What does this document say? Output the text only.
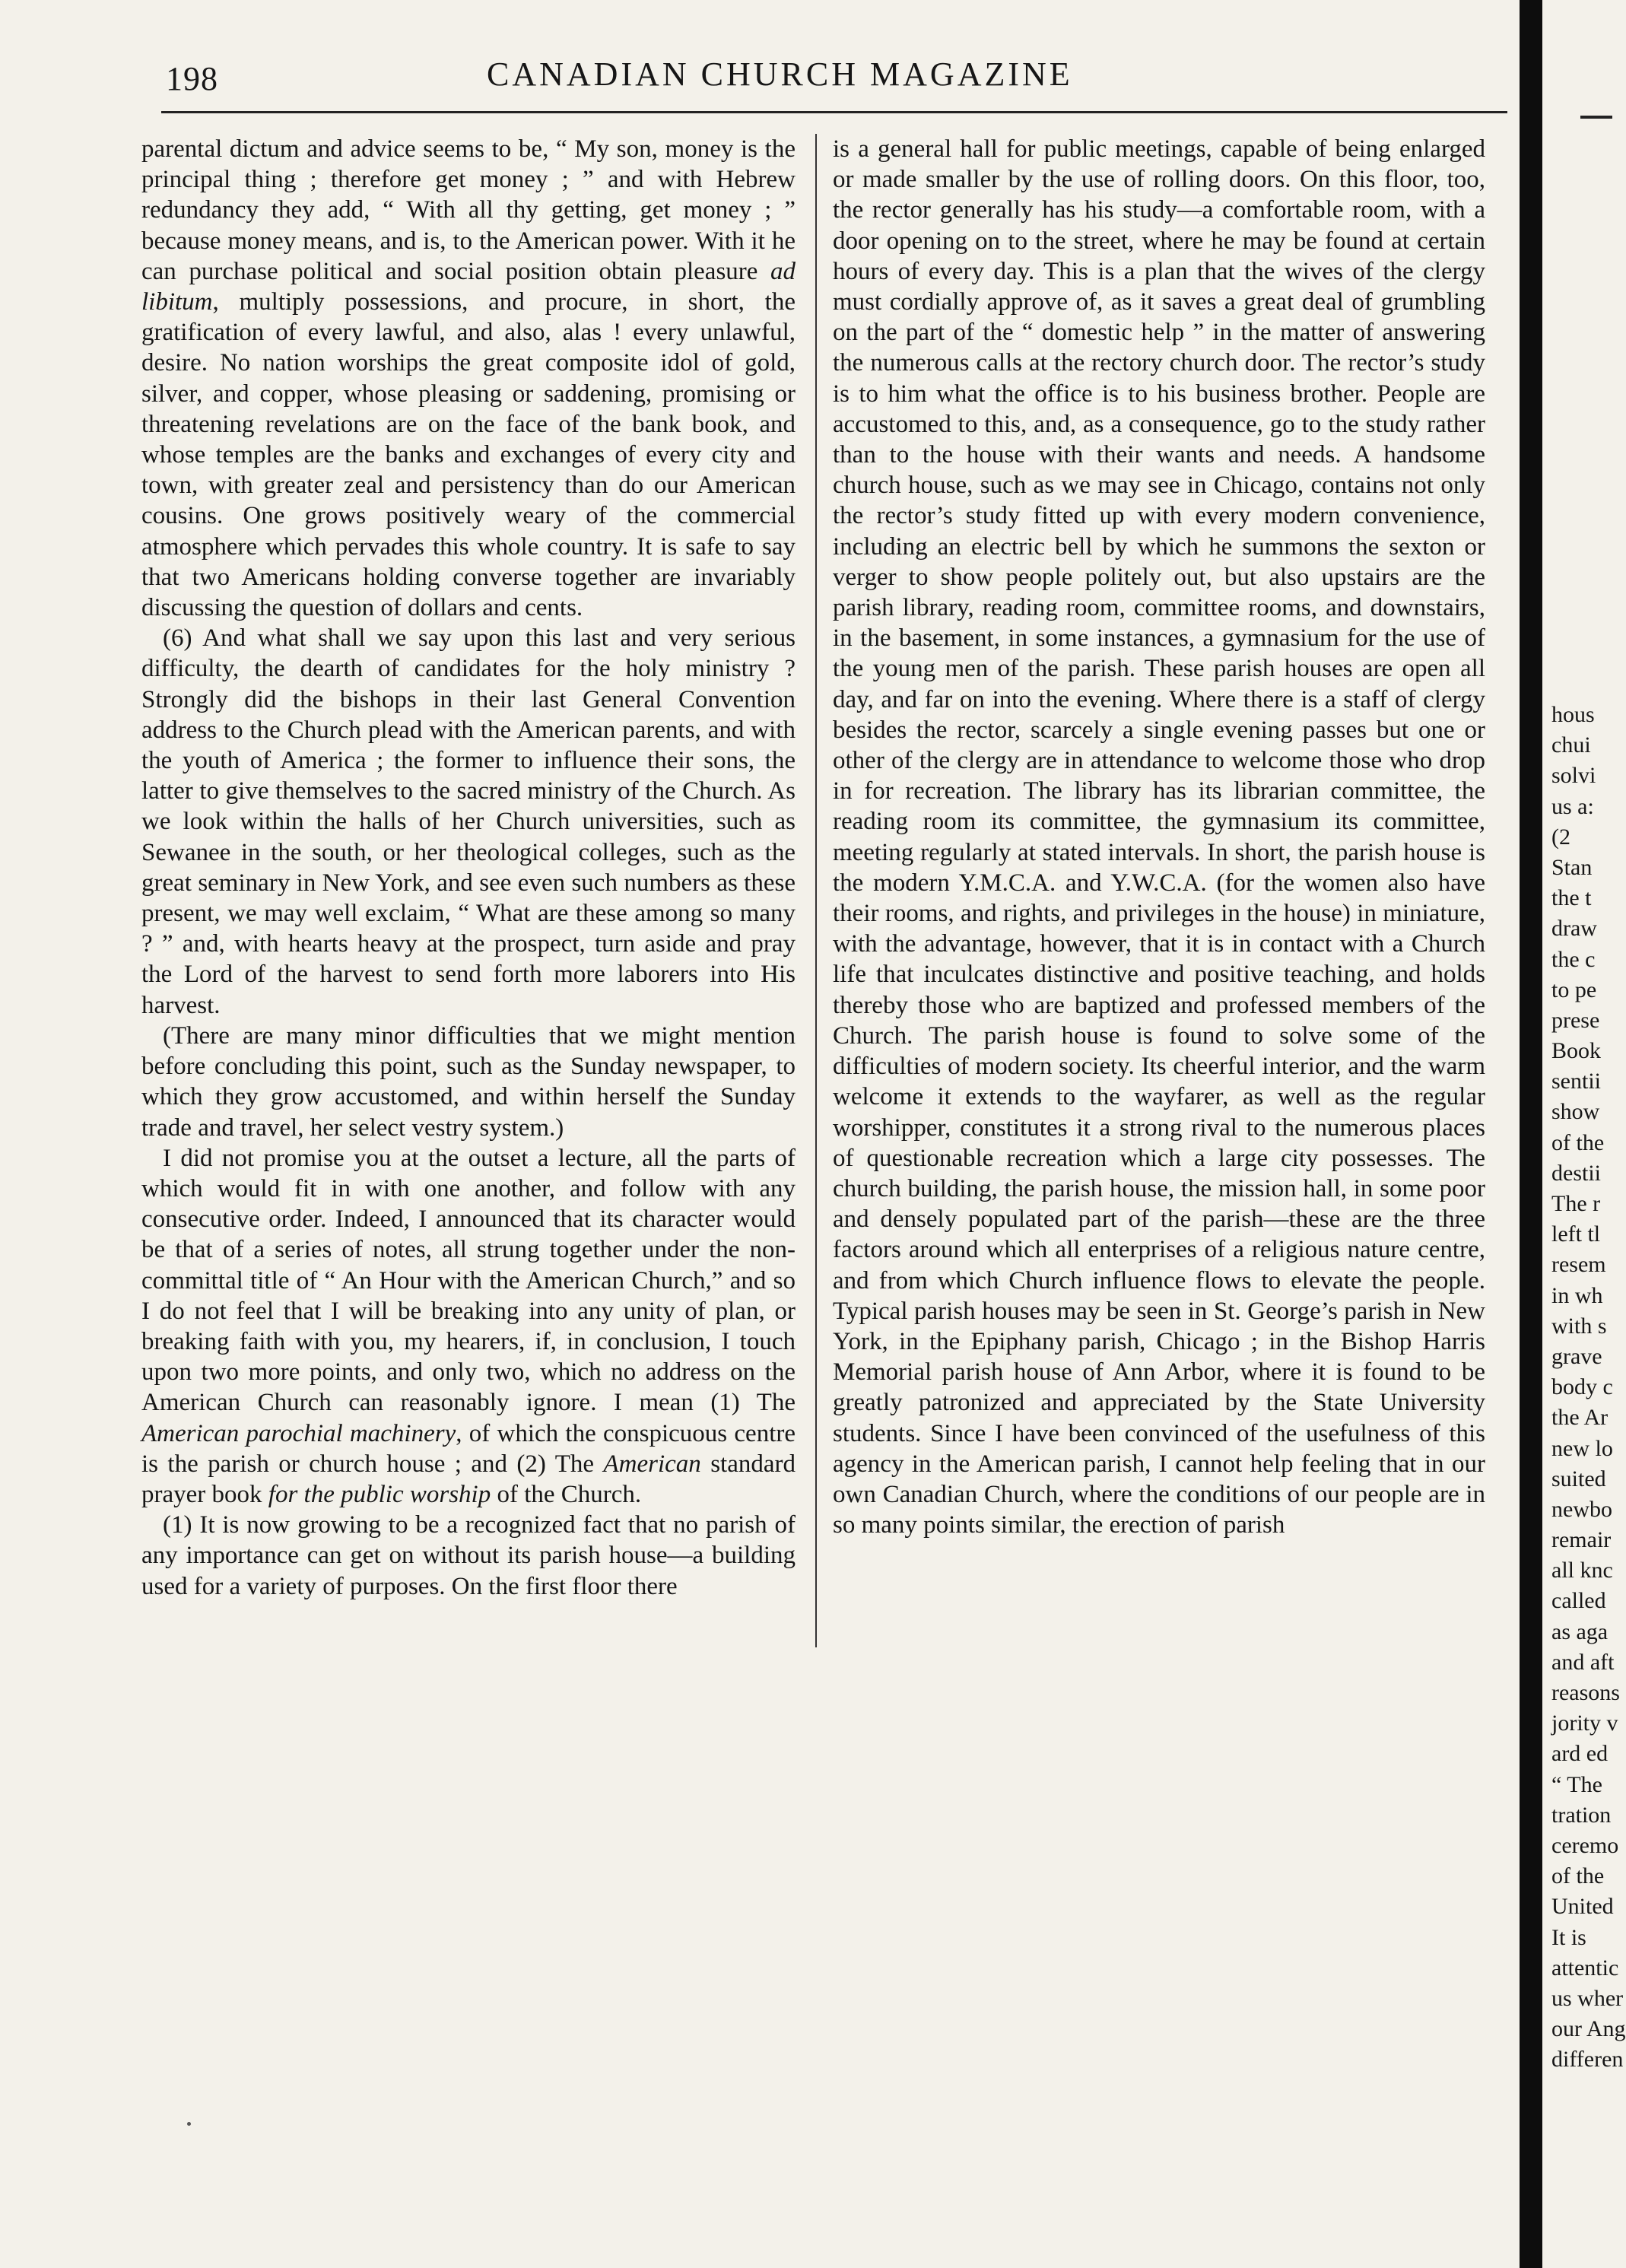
198	CANADIAN CHURCH MAGAZINE

parental dictum and advice seems to be, “ My son, money is the principal thing ; therefore get money ; ” and with Hebrew redundancy they add, “ With all thy getting, get money ; ” because money means, and is, to the American power. With it he can purchase political and social position obtain pleasure ad libitum, multiply possessions, and procure, in short, the gratification of every lawful, and also, alas ! every unlawful, desire. No nation worships the great composite idol of gold, silver, and copper, whose pleasing or saddening, promising or threatening revelations are on the face of the bank book, and whose temples are the banks and exchanges of every city and town, with greater zeal and persistency than do our American cousins. One grows positively weary of the commercial atmosphere which pervades this whole country. It is safe to say that two Americans holding converse together are invariably discussing the question of dollars and cents.

(6) And what shall we say upon this last and very serious difficulty, the dearth of candidates for the holy ministry ? Strongly did the bishops in their last General Convention address to the Church plead with the American parents, and with the youth of America ; the former to influence their sons, the latter to give themselves to the sacred ministry of the Church. As we look within the halls of her Church universities, such as Sewanee in the south, or her theological colleges, such as the great seminary in New York, and see even such numbers as these present, we may well exclaim, “ What are these among so many ? ” and, with hearts heavy at the prospect, turn aside and pray the Lord of the harvest to send forth more laborers into His harvest.

(There are many minor difficulties that we might mention before concluding this point, such as the Sunday newspaper, to which they grow accustomed, and within herself the Sunday trade and travel, her select vestry system.)

I did not promise you at the outset a lecture, all the parts of which would fit in with one another, and follow with any consecutive order. Indeed, I announced that its character would be that of a series of notes, all strung together under the non-committal title of “ An Hour with the American Church,” and so I do not feel that I will be breaking into any unity of plan, or breaking faith with you, my hearers, if, in conclusion, I touch upon two more points, and only two, which no address on the American Church can reasonably ignore. I mean (1) The American parochial machinery, of which the conspicuous centre is the parish or church house ; and (2) The American standard prayer book for the public worship of the Church.

(1) It is now growing to be a recognized fact that no parish of any importance can get on without its parish house—a building used for a variety of purposes. On the first floor there

is a general hall for public meetings, capable of being enlarged or made smaller by the use of rolling doors. On this floor, too, the rector generally has his study—a comfortable room, with a door opening on to the street, where he may be found at certain hours of every day. This is a plan that the wives of the clergy must cordially approve of, as it saves a great deal of grumbling on the part of the “ domestic help ” in the matter of answering the numerous calls at the rectory church door. The rector’s study is to him what the office is to his business brother. People are accustomed to this, and, as a consequence, go to the study rather than to the house with their wants and needs. A handsome church house, such as we may see in Chicago, contains not only the rector’s study fitted up with every modern convenience, including an electric bell by which he summons the sexton or verger to show people politely out, but also upstairs are the parish library, reading room, committee rooms, and downstairs, in the basement, in some instances, a gymnasium for the use of the young men of the parish. These parish houses are open all day, and far on into the evening. Where there is a staff of clergy besides the rector, scarcely a single evening passes but one or other of the clergy are in attendance to welcome those who drop in for recreation. The library has its librarian committee, the reading room its committee, the gymnasium its committee, meeting regularly at stated intervals. In short, the parish house is the modern Y.M.C.A. and Y.W.C.A. (for the women also have their rooms, and rights, and privileges in the house) in miniature, with the advantage, however, that it is in contact with a Church life that inculcates distinctive and positive teaching, and holds thereby those who are baptized and professed members of the Church. The parish house is found to solve some of the difficulties of modern society. Its cheerful interior, and the warm welcome it extends to the wayfarer, as well as the regular worshipper, constitutes it a strong rival to the numerous places of questionable recreation which a large city possesses. The church building, the parish house, the mission hall, in some poor and densely populated part of the parish—these are the three factors around which all enterprises of a religious nature centre, and from which Church influence flows to elevate the people. Typical parish houses may be seen in St. George’s parish in New York, in the Epiphany parish, Chicago ; in the Bishop Harris Memorial parish house of Ann Arbor, where it is found to be greatly patronized and appreciated by the State University students. Since I have been convinced of the usefulness of this agency in the American parish, I cannot help feeling that in our own Canadian Church, where the conditions of our people are in so many points similar, the erection of parish

hous
chui
solvi
us a:
(2
Stan
the t
draw
the c
to pe
prese
Book
sentii
show
of the
destii
The r
left tl
resem
in wh
with s
grave
body c
the Ar
new lo
suited
newbo
remair
all knc
called
as aga
and aft
reasons
jority v
ard ed
“ The
tration
ceremo
of the
United
It is
attentic
us wher
our Ang
differen
